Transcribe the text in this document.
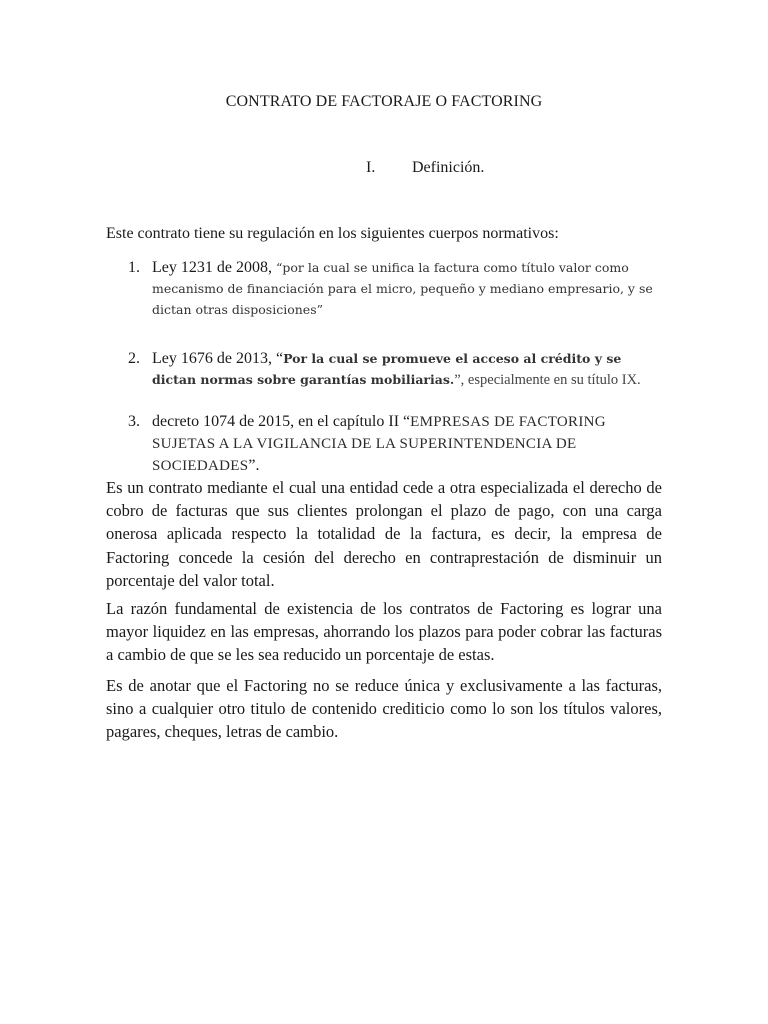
CONTRATO DE FACTORAJE O FACTORING
I. Definición.
Este contrato tiene su regulación en los siguientes cuerpos normativos:
1. Ley 1231 de 2008, “por la cual se unifica la factura como título valor como mecanismo de financiación para el micro, pequeño y mediano empresario, y se dictan otras disposiciones”
2. Ley 1676 de 2013, “Por la cual se promueve el acceso al crédito y se dictan normas sobre garantías mobiliarias.”, especialmente en su título IX.
3. decreto 1074 de 2015, en el capítulo II “EMPRESAS DE FACTORING SUJETAS A LA VIGILANCIA DE LA SUPERINTENDENCIA DE SOCIEDADES”.

Es un contrato mediante el cual una entidad cede a otra especializada el derecho de cobro de facturas que sus clientes prolongan el plazo de pago, con una carga onerosa aplicada respecto la totalidad de la factura, es decir, la empresa de Factoring concede la cesión del derecho en contraprestación de disminuir un porcentaje del valor total.

La razón fundamental de existencia de los contratos de Factoring es lograr una mayor liquidez en las empresas, ahorrando los plazos para poder cobrar las facturas a cambio de que se les sea reducido un porcentaje de estas.

Es de anotar que el Factoring no se reduce única y exclusivamente a las facturas, sino a cualquier otro titulo de contenido crediticio como lo son los títulos valores, pagares, cheques, letras de cambio.
